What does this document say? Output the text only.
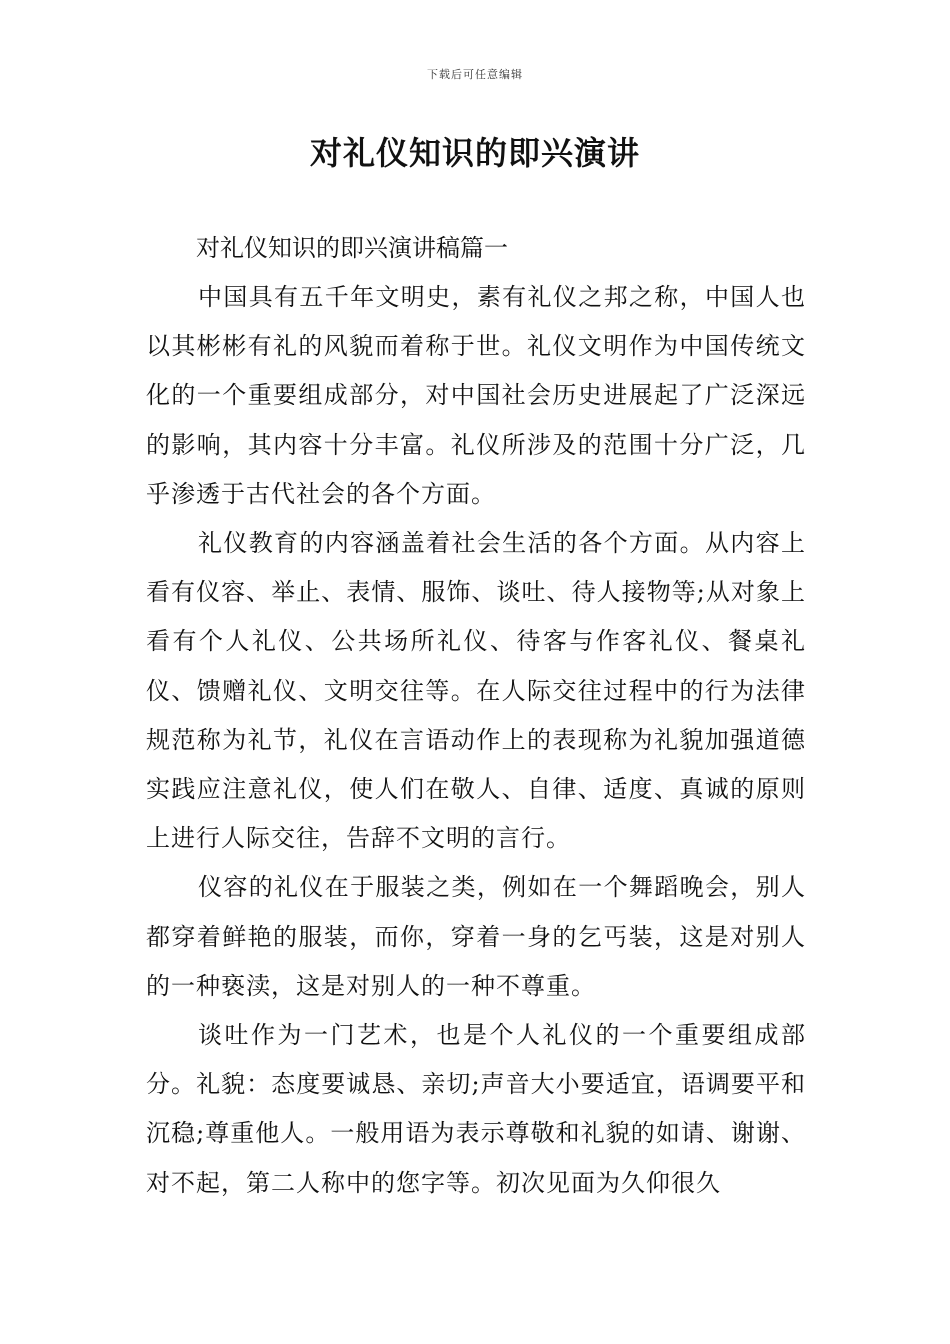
下载后可任意编辑
对礼仪知识的即兴演讲

对礼仪知识的即兴演讲稿篇一

中国具有五千年文明史，素有礼仪之邦之称，中国人也以其彬彬有礼的风貌而着称于世。礼仪文明作为中国传统文化的一个重要组成部分，对中国社会历史进展起了广泛深远的影响，其内容十分丰富。礼仪所涉及的范围十分广泛，几乎渗透于古代社会的各个方面。

礼仪教育的内容涵盖着社会生活的各个方面。从内容上看有仪容、举止、表情、服饰、谈吐、待人接物等;从对象上看有个人礼仪、公共场所礼仪、待客与作客礼仪、餐桌礼仪、馈赠礼仪、文明交往等。在人际交往过程中的行为法律规范称为礼节，礼仪在言语动作上的表现称为礼貌加强道德实践应注意礼仪，使人们在敬人、自律、适度、真诚的原则上进行人际交往，告辞不文明的言行。

仪容的礼仪在于服装之类，例如在一个舞蹈晚会，别人都穿着鲜艳的服装，而你，穿着一身的乞丐装，这是对别人的一种亵渎，这是对别人的一种不尊重。

谈吐作为一门艺术，也是个人礼仪的一个重要组成部分。礼貌：态度要诚恳、亲切;声音大小要适宜，语调要平和沉稳;尊重他人。一般用语为表示尊敬和礼貌的如请、谢谢、对不起，第二人称中的您字等。初次见面为久仰很久
